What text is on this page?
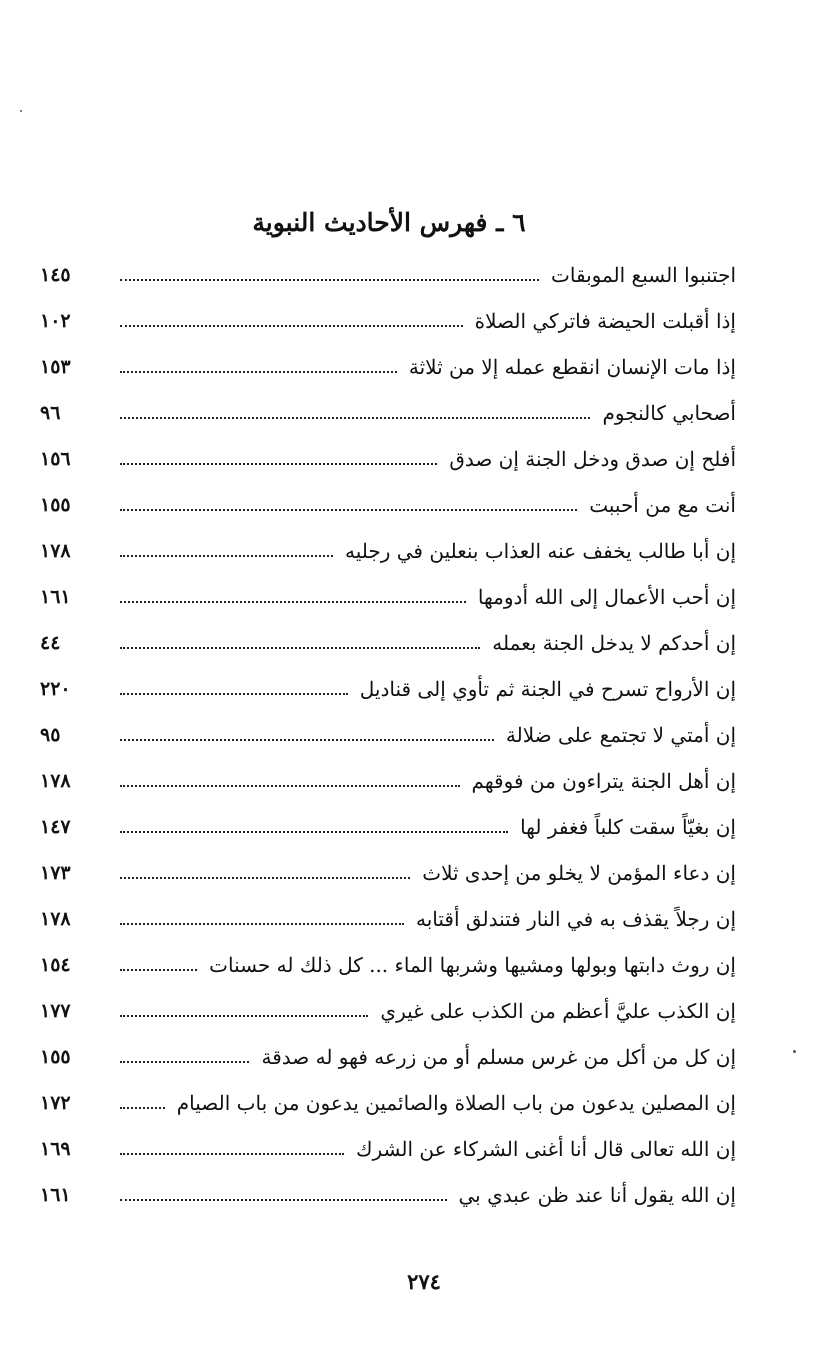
٦ ـ فهرس الأحاديث النبوية
اجتنبوا السبع الموبقات
١٤٥
إذا أقبلت الحيضة فاتركي الصلاة
١٠٢
إذا مات الإنسان انقطع عمله إلا من ثلاثة
١٥٣
أصحابي كالنجوم
٩٦
أفلح إن صدق ودخل الجنة إن صدق
١٥٦
أنت مع من أحببت
١٥٥
إن أبا طالب يخفف عنه العذاب بنعلين في رجليه
١٧٨
إن أحب الأعمال إلى الله أدومها
١٦١
إن أحدكم لا يدخل الجنة بعمله
٤٤
إن الأرواح تسرح في الجنة ثم تأوي إلى قناديل
٢٢٠
إن أمتي لا تجتمع على ضلالة
٩٥
إن أهل الجنة يتراءون من فوقهم
١٧٨
إن بغيّاً سقت كلباً فغفر لها
١٤٧
إن دعاء المؤمن لا يخلو من إحدى ثلاث
١٧٣
إن رجلاً يقذف به في النار فتندلق أقتابه
١٧٨
إن روث دابتها وبولها ومشيها وشربها الماء ... كل ذلك له حسنات
١٥٤
إن الكذب عليَّ أعظم من الكذب على غيري
١٧٧
إن كل من أكل من غرس مسلم أو من زرعه فهو له صدقة
١٥٥
إن المصلين يدعون من باب الصلاة والصائمين يدعون من باب الصيام
١٧٢
إن الله تعالى قال أنا أغنى الشركاء عن الشرك
١٦٩
إن الله يقول أنا عند ظن عبدي بي
١٦١
٢٧٤
